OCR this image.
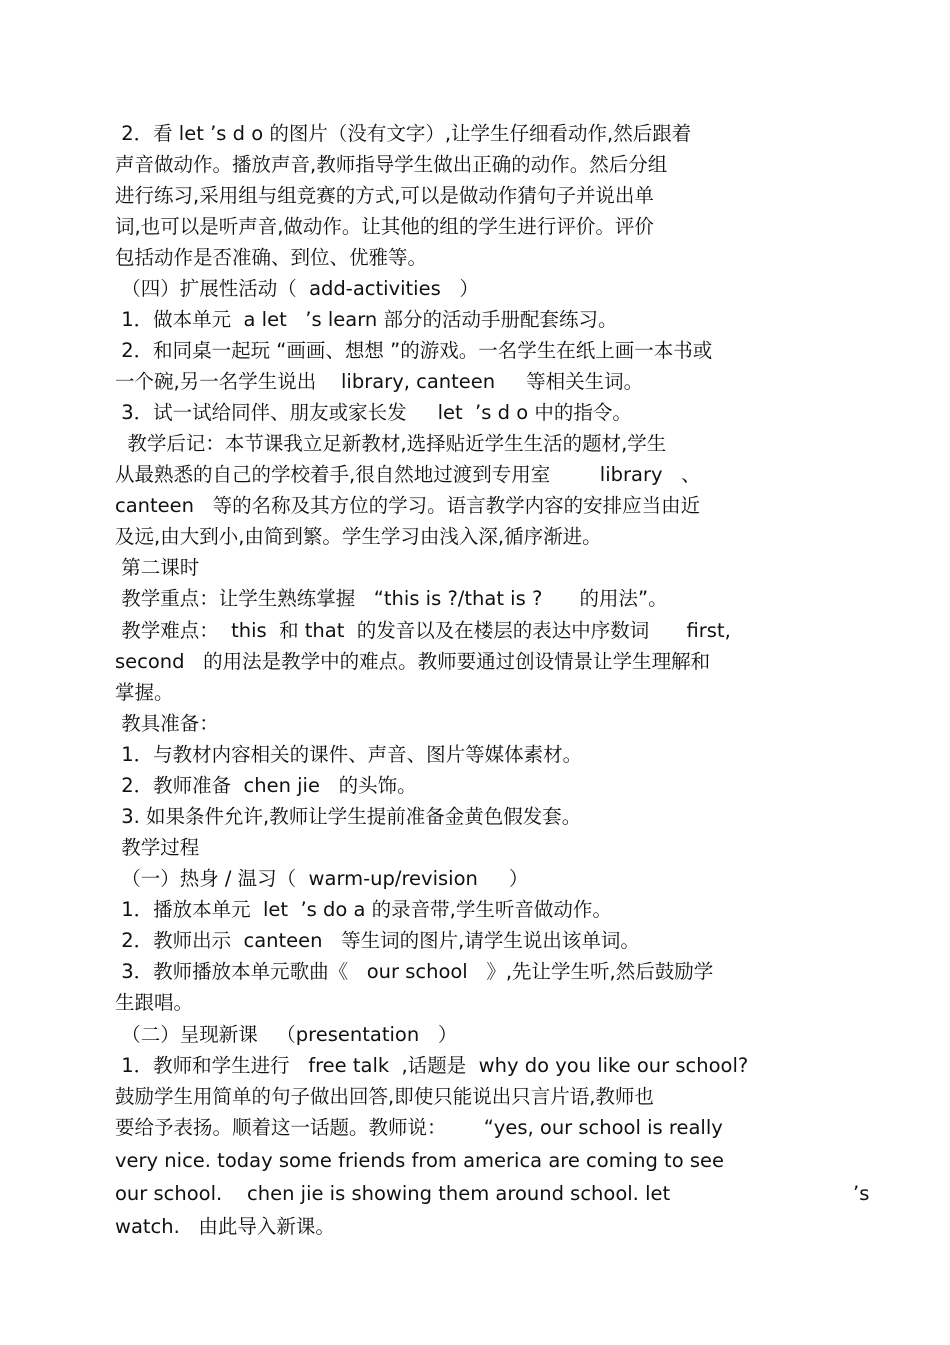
2．看 let ’s d o 的图片（没有文字）,让学生仔细看动作,然后跟着
声音做动作。播放声音,教师指导学生做出正确的动作。然后分组
进行练习,采用组与组竞赛的方式,可以是做动作猜句子并说出单
词,也可以是听声音,做动作。让其他的组的学生进行评价。评价
包括动作是否准确、到位、优雅等。
（四）扩展性活动（  add-activities   ）
1．做本单元  a let   ’s learn 部分的活动手册配套练习。
2．和同桌一起玩 “画画、想想 ”的游戏。一名学生在纸上画一本书或
一个碗,另一名学生说出    library, canteen     等相关生词。
3．试一试给同伴、朋友或家长发     let  ’s d o 中的指令。
教学后记：本节课我立足新教材,选择贴近学生生活的题材,学生
从最熟悉的自己的学校着手,很自然地过渡到专用室        library   、
canteen   等的名称及其方位的学习。语言教学内容的安排应当由近
及远,由大到小,由简到繁。学生学习由浅入深,循序渐进。
第二课时
教学重点：让学生熟练掌握   “this is ?/that is ?      的用法”。
教学难点：  this  和 that  的发音以及在楼层的表达中序数词      first,
second   的用法是教学中的难点。教师要通过创设情景让学生理解和
掌握。
教具准备：
1．与教材内容相关的课件、声音、图片等媒体素材。
2．教师准备  chen jie   的头饰。
3. 如果条件允许,教师让学生提前准备金黄色假发套。
教学过程
（一）热身 / 温习（  warm-up/revision     ）
1．播放本单元  let  ’s do a 的录音带,学生听音做动作。
2．教师出示  canteen   等生词的图片,请学生说出该单词。
3．教师播放本单元歌曲《   our school   》,先让学生听,然后鼓励学
生跟唱。
（二）呈现新课   （presentation   ）
1．教师和学生进行   free talk  ,话题是  why do you like our school?
鼓励学生用简单的句子做出回答,即使只能说出只言片语,教师也
要给予表扬。顺着这一话题。教师说：      “yes, our school is really
very nice. today some friends from america are coming to see
our school.    chen jie is showing them around school. let	’s
watch.   由此导入新课。
